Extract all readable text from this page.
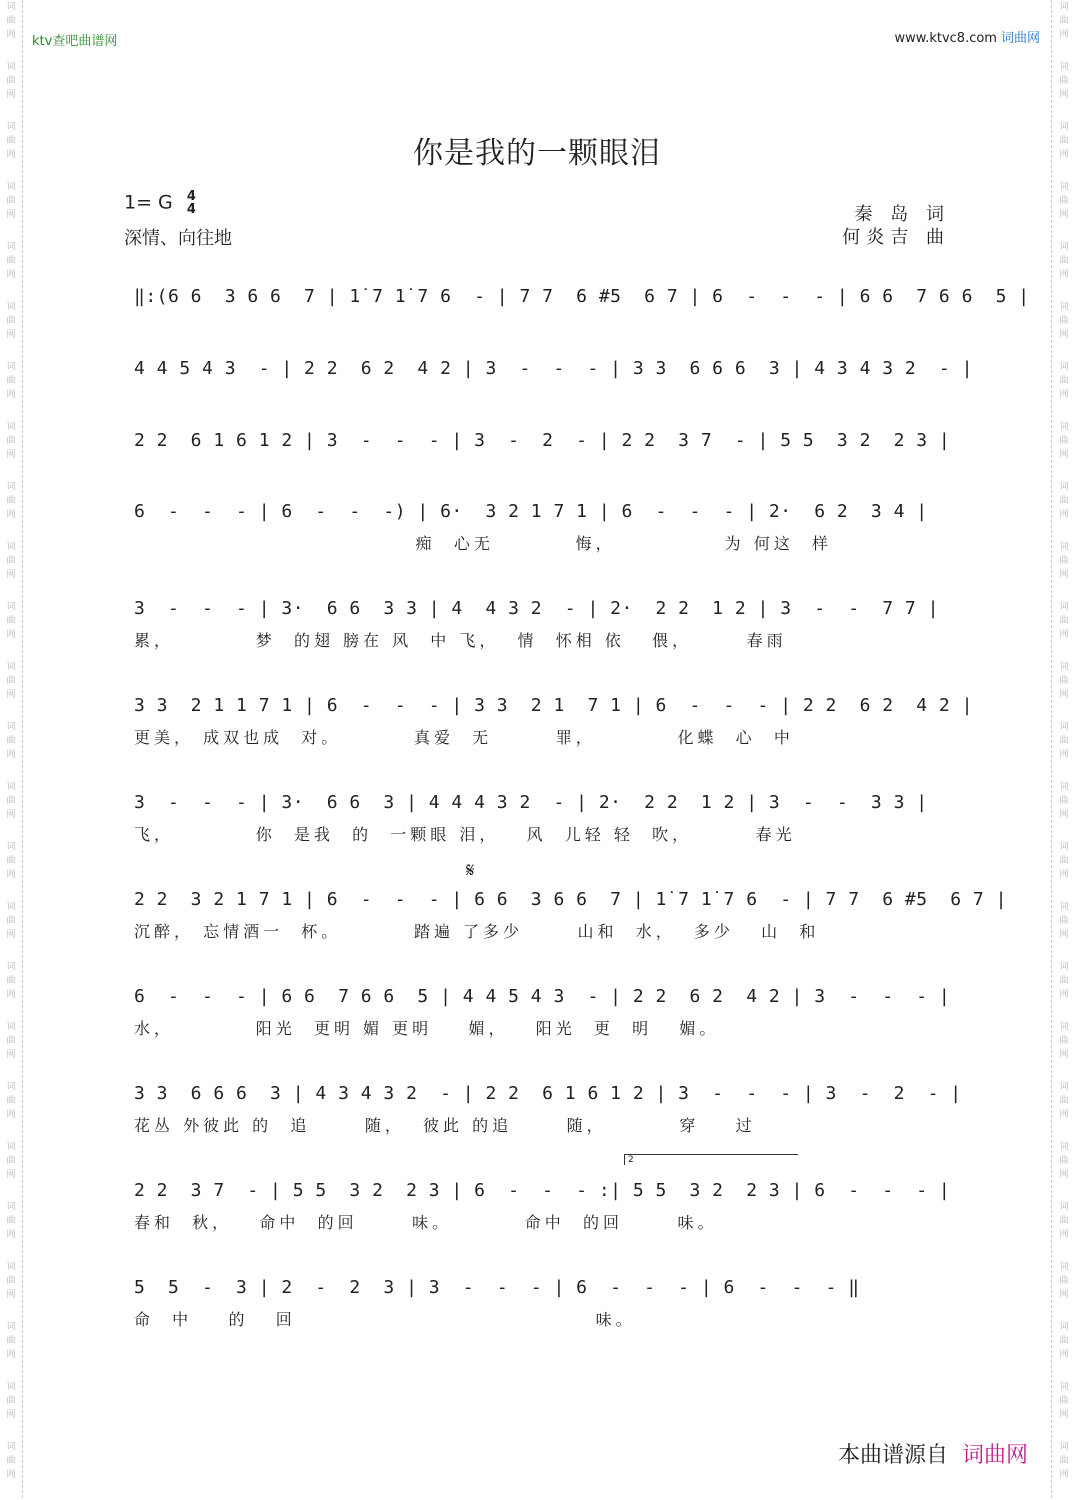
词
曲
网
词
曲
网
词
曲
网
词
曲
网
词
曲
网
词
曲
网
词
曲
网
词
曲
网
词
曲
网
词
曲
网
词
曲
网
词
曲
网
词
曲
网
词
曲
网
词
曲
网
词
曲
网
词
曲
网
词
曲
网
词
曲
网
词
曲
网
词
曲
网
词
曲
网
词
曲
网
词
曲
网
词
曲
网
词
曲
网
词
曲
网
词
曲
网
词
曲
网
词
曲
网
词
曲
网
词
曲
网
词
曲
网
词
曲
网
词
曲
网
词
曲
网
词
曲
网
词
曲
网
词
曲
网
词
曲
网
词
曲
网
词
曲
网
词
曲
网
词
曲
网
词
曲
网
词
曲
网
词
曲
网
词
曲
网
词
曲
网
词
曲
网
ktv查吧曲谱网	www.ktvc8.com 词曲网
你是我的一颗眼泪
1= G 4
4
深情、向往地
秦 岛 词
何炎吉 曲
‖:(6 6  3 6 6  7 | 1̇ 7 1̇ 7 6  - | 7 7  6 #5  6 7 | 6  -  -  - | 6 6  7 6 6  5 |
4 4 5 4 3  - | 2 2  6 2  4 2 | 3  -  -  - | 3 3  6 6 6  3 | 4 3 4 3 2  - |
2 2  6 1 6 1 2 | 3  -  -  - | 3  -  2  - | 2 2  3 7  - | 5 5  3 2  2 3 |
6  -  -  - | 6  -  -  -) | 6·  3 2 1 7 1 | 6  -  -  - | 2·  6 2  3 4 |
痴  心无         悔，            为 何这  样
3  -  -  - | 3·  6 6  3 3 | 4  4 3 2  - | 2·  2 2  1 2 | 3  -  -  7 7 |
累，         梦  的翅 膀在 风  中 飞，  情  怀相 依   偎，      春雨
3 3  2 1 1 7 1 | 6  -  -  - | 3 3  2 1  7 1 | 6  -  -  - | 2 2  6 2  4 2 |
更美， 成双也成  对。        真爱  无       罪，         化蝶  心  中
3  -  -  - | 3·  6 6  3 | 4 4 4 3 2  - | 2·  2 2  1 2 | 3  -  -  3 3 |
飞，         你  是我  的  一颗眼 泪，   风  儿轻 轻  吹，       春光
2 2  3 2 1 7 1 | 6  -  -  - | 6 6  3 6 6  7 | 1̇ 7 1̇ 7 6  - | 7 7  6 #5  6 7 |
沉醉， 忘情酒一  杯。        踏遍 了多少      山和  水，  多少   山  和
6  -  -  - | 6 6  7 6 6  5 | 4 4 5 4 3  - | 2 2  6 2  4 2 | 3  -  -  - |
水，         阳光  更明 媚 更明    媚，   阳光  更  明   媚。
3 3  6 6 6  3 | 4 3 4 3 2  - | 2 2  6 1 6 1 2 | 3  -  -  - | 3  -  2  - |
花丛 外彼此 的  追      随，  彼此 的追      随，        穿    过
2 2  3 7  - | 5 5  3 2  2 3 | 6  -  -  - :| 5 5  3 2  2 3 | 6  -  -  - |
春和  秋，   命中  的回      味。        命中  的回      味。
5  5  -  3 | 2  -  2  3 | 3  -  -  - | 6  -  -  - | 6  -  -  - ‖
命  中    的   回                                 味。
𝄋
2
本曲谱源自 词曲网
